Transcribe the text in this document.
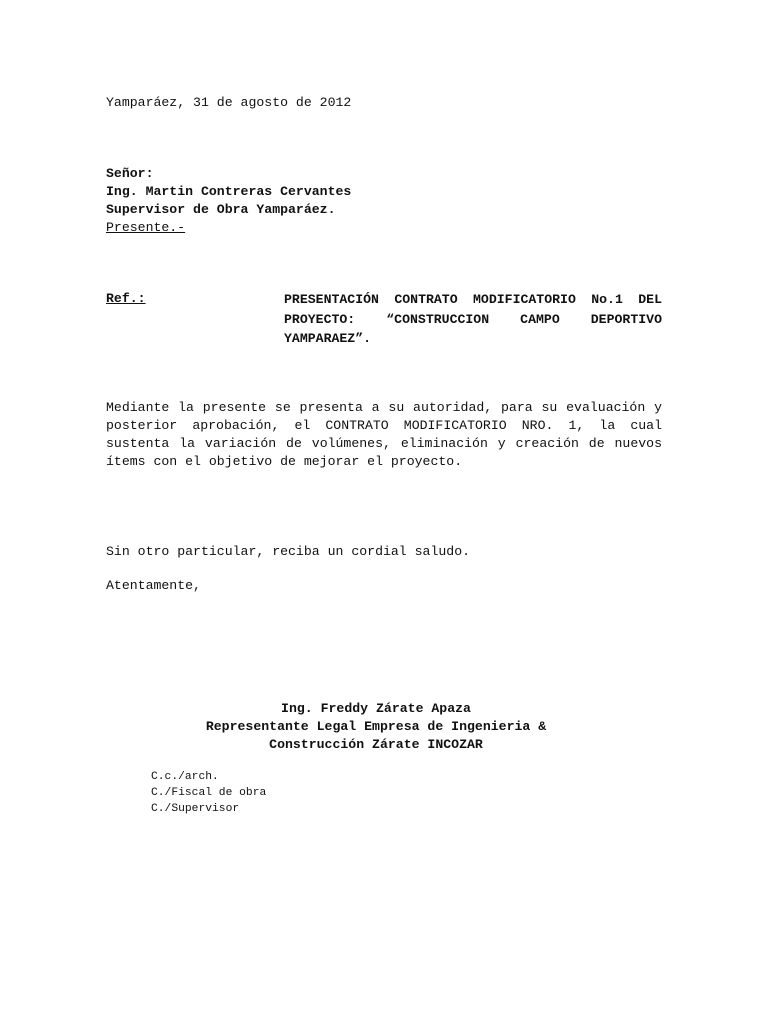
Yamparáez, 31 de agosto de 2012
Señor:
Ing. Martin Contreras Cervantes
Supervisor de Obra Yamparáez.
Presente.-
Ref.:	PRESENTACIÓN CONTRATO MODIFICATORIO No.1 DEL PROYECTO: “CONSTRUCCION CAMPO DEPORTIVO YAMPARAEZ”.
Mediante la presente se presenta a su autoridad, para su evaluación y posterior aprobación, el CONTRATO MODIFICATORIO NRO. 1, la cual sustenta la variación de volúmenes, eliminación y creación de nuevos ítems con el objetivo de mejorar el proyecto.
Sin otro particular, reciba un cordial saludo.
Atentamente,
Ing. Freddy Zárate Apaza
Representante Legal Empresa de Ingenieria &
Construcción Zárate INCOZAR
C.c./arch.
C./Fiscal de obra
C./Supervisor
